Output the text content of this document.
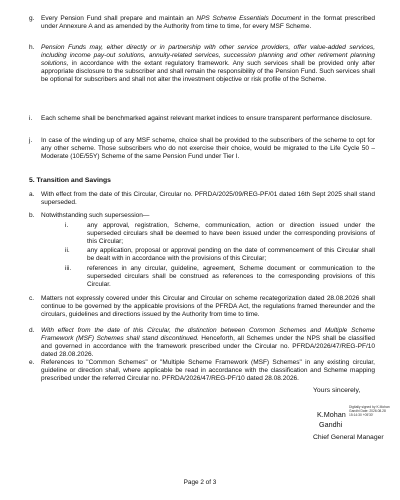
g. Every Pension Fund shall prepare and maintain an NPS Scheme Essentials Document in the format prescribed under Annexure A and as amended by the Authority from time to time, for every MSF Scheme.
h. Pension Funds may, either directly or in partnership with other service providers, offer value-added services, including income pay-out solutions, annuity-related services, succession planning and other retirement planning solutions, in accordance with the extant regulatory framework. Any such services shall be provided only after appropriate disclosure to the subscriber and shall remain the responsibility of the Pension Fund. Such services shall be optional for subscribers and shall not alter the investment objective or risk profile of the Scheme.
i. Each scheme shall be benchmarked against relevant market indices to ensure transparent performance disclosure.
j. In case of the winding up of any MSF scheme, choice shall be provided to the subscribers of the scheme to opt for any other scheme. Those subscribers who do not exercise their choice, would be migrated to the Life Cycle 50 – Moderate (10E/55Y) Scheme of the same Pension Fund under Tier I.
5. Transition and Savings
a. With effect from the date of this Circular, Circular no. PFRDA/2025/09/REG-PF/01 dated 16th Sept 2025 shall stand superseded.
b. Notwithstanding such supersession—
i.	any approval, registration, Scheme, communication, action or direction issued under the superseded circulars shall be deemed to have been issued under the corresponding provisions of this Circular;
ii.	any application, proposal or approval pending on the date of commencement of this Circular shall be dealt with in accordance with the provisions of this Circular;
iii. references in any circular, guideline, agreement, Scheme document or communication to the superseded circulars shall be construed as references to the corresponding provisions of this Circular.
c. Matters not expressly covered under this Circular and Circular on scheme recategorization dated 28.08.2026 shall continue to be governed by the applicable provisions of the PFRDA Act, the regulations framed thereunder and the circulars, guidelines and directions issued by the Authority from time to time.
d. With effect from the date of this Circular, the distinction between Common Schemes and Multiple Scheme Framework (MSF) Schemes shall stand discontinued. Henceforth, all Schemes under the NPS shall be classified and governed in accordance with the framework prescribed under the Circular no. PFRDA/2026/47/REG-PF/10 dated 28.08.2026.
e. References to "Common Schemes" or "Multiple Scheme Framework (MSF) Schemes" in any existing circular, guideline or direction shall, where applicable be read in accordance with the classification and Scheme mapping prescribed under the referred Circular no. PFRDA/2026/47/REG-PF/10 dated 28.08.2026.
Yours sincerely,
K.Mohan
Gandhi
Digitally signed by K.Mohan Gandhi Date: 2026.08.28 15:14:30 +05'30'
Chief General Manager
Page 2 of 3
